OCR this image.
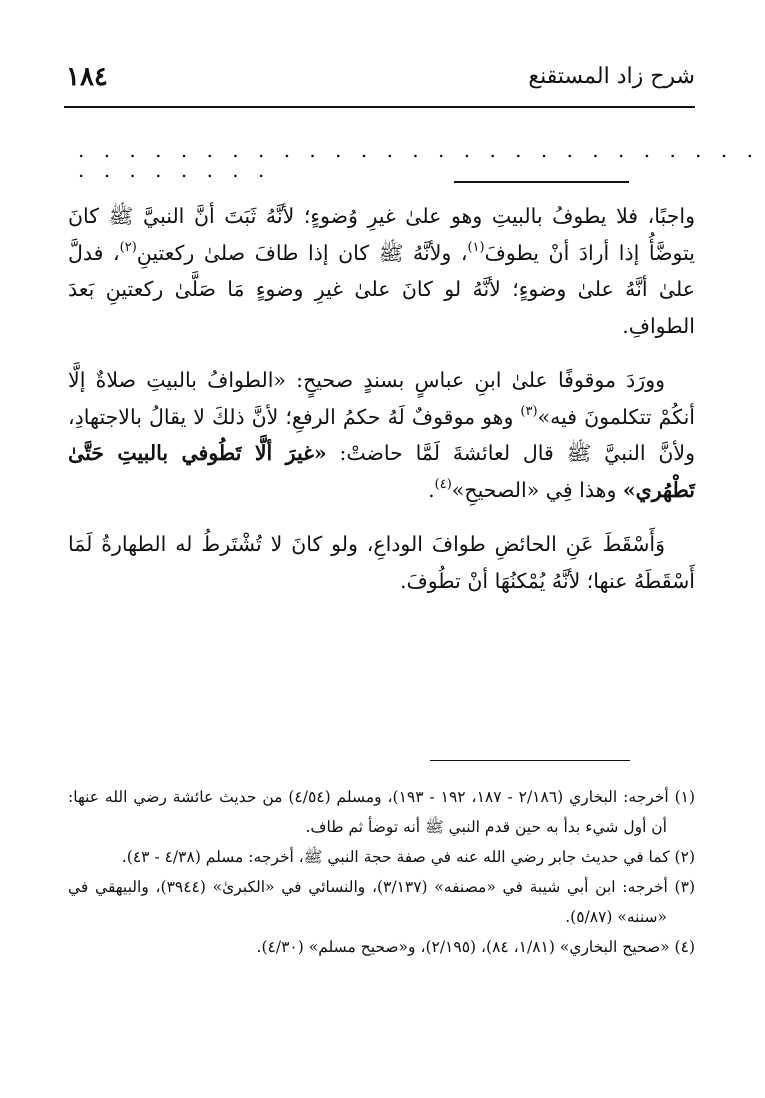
١٨٤	شرح زاد المستقنع
. . . . . . . . . . . . . . . . . . . . . . . . . . . . . . . . . . .

واجبًا، فلا يطوفُ بالبيتِ وهو علىٰ غيرِ وُضوءٍ؛ لأنَّهُ ثَبَتَ أنَّ النبيَّ ﷺ كانَ يتوضَّأُ إذا أرادَ أنْ يطوفَ$^{(١)}$، ولأنَّهُ ﷺ كان إذا طافَ صلىٰ ركعتينِ$^{(٢)}$، فدلَّ علىٰ أنَّهُ علىٰ وضوءٍ؛ لأنَّهُ لو كانَ علىٰ غيرِ وضوءٍ مَا صَلَّىٰ ركعتينِ بَعدَ الطوافِ.

وورَدَ موقوفًا علىٰ ابنِ عباسٍ بسندٍ صحيحٍ: «الطوافُ بالبيتِ صلاةٌ إلَّا أنكُمْ تتكلمونَ فيه»$^{(٣)}$ وهو موقوفٌ لَهُ حكمُ الرفعِ؛ لأنَّ ذلكَ لا يقالُ بالاجتهادِ، ولأنَّ النبيَّ ﷺ قال لعائشةَ لَمَّا حاضتْ: «غيرَ ألَّا تَطُوفي بالبيتِ حَتَّىٰ تَطْهُري» وهذا فِي «الصحيحِ»$^{(٤)}$.

وَأَسْقَطَ عَنِ الحائضِ طوافَ الوداعِ، ولو كانَ لا تُشْتَرطُ له الطهارةُ لَمَا أَسْقَطَهُ عنها؛ لأنَّهُ يُمْكنُهَا أنْ تطُوفَ.

(١) أخرجه: البخاري (٢/١٨٦ - ١٨٧، ١٩٢ - ١٩٣)، ومسلم (٤/٥٤) من حديث عائشة رضي الله عنها: أن أول شيء بدأ به حين قدم النبي ﷺ أنه توضأ ثم طاف.

(٢) كما في حديث جابر رضي الله عنه في صفة حجة النبي ﷺ، أخرجه: مسلم (٤/٣٨ - ٤٣).

(٣) أخرجه: ابن أبي شيبة في «مصنفه» (٣/١٣٧)، والنسائي في «الكبرىٰ» (٣٩٤٤)، والبيهقي في «سننه» (٥/٨٧).

(٤) «صحيح البخاري» (١/٨١، ٨٤)، (٢/١٩٥)، و«صحيح مسلم» (٤/٣٠).
